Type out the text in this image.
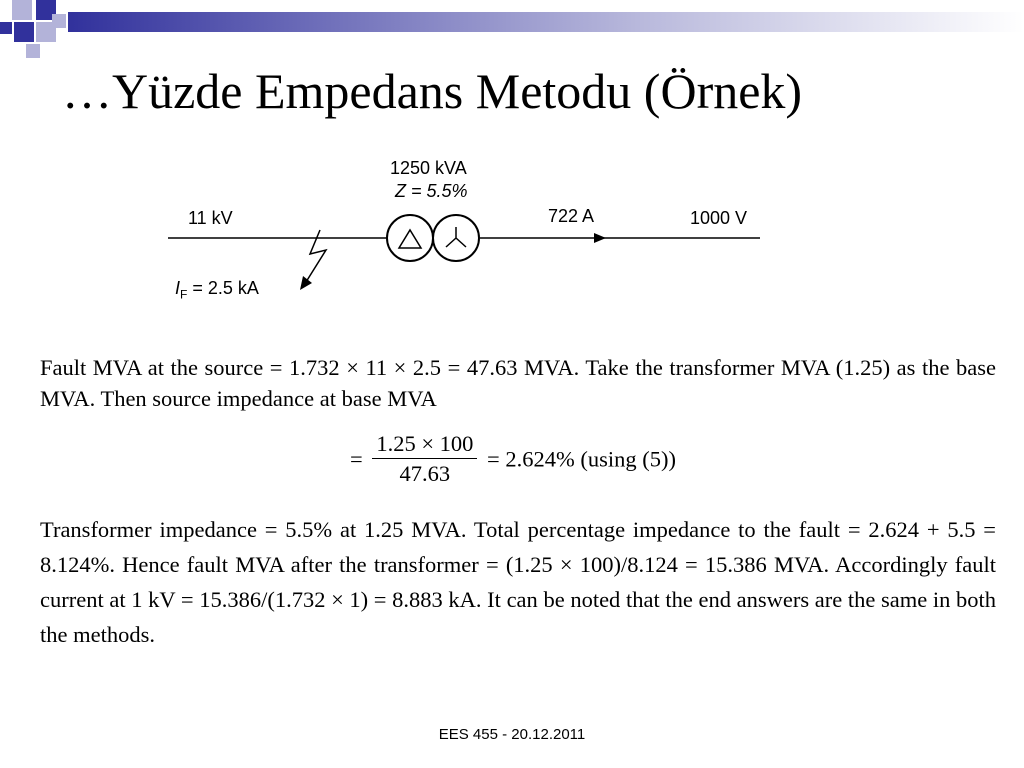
…Yüzde Empedans Metodu (Örnek)
1250 kVA
Z = 5.5%
11 kV	722 A	1000 V
$I_F = 2.5$ kA
Fault MVA at the source = 1.732 × 11 × 2.5 = 47.63 MVA. Take the transformer MVA (1.25) as the base MVA. Then source impedance at base MVA
= $\frac{1.25 \times 100}{47.63} = 2.624\%$ (using (5))
Transformer impedance = 5.5% at 1.25 MVA. Total percentage impedance to the fault = 2.624 + 5.5 = 8.124%. Hence fault MVA after the transformer = (1.25 × 100)/8.124 = 15.386 MVA. Accordingly fault current at 1 kV = 15.386/(1.732 × 1) = 8.883 kA. It can be noted that the end answers are the same in both the methods.
EES 455 - 20.12.2011
